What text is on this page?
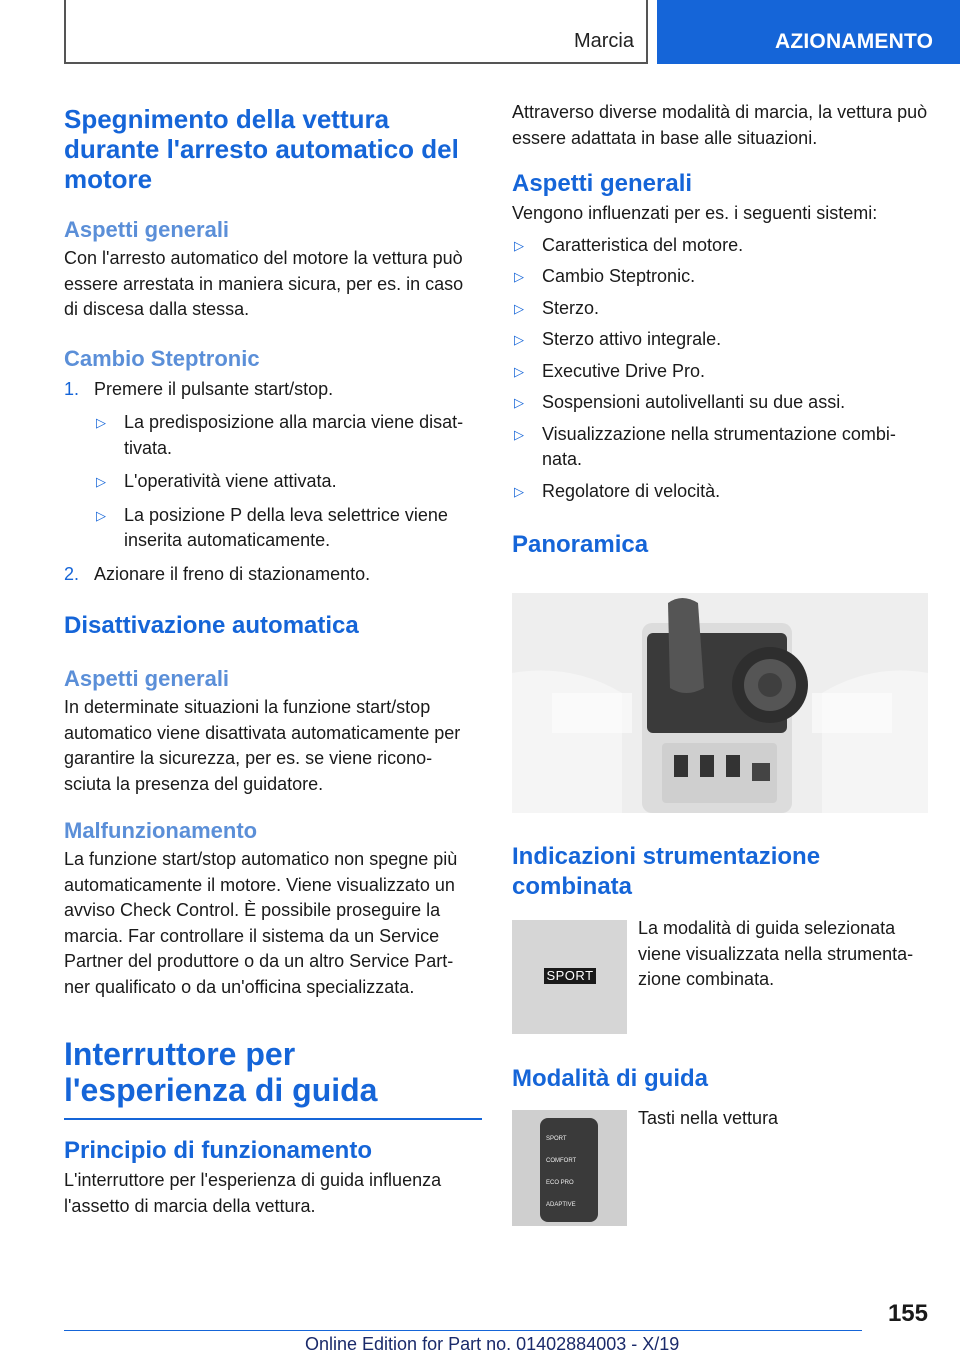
Marcia	AZIONAMENTO
Spegnimento della vettura durante l'arresto automatico del motore
Aspetti generali

Con l'arresto automatico del motore la vettura può essere arrestata in maniera sicura, per es. in caso di discesa dalla stessa.

Cambio Steptronic
1. Premere il pulsante start/stop.
▷ La predisposizione alla marcia viene disat‐ tivata.
▷ L'operatività viene attivata.
▷ La posizione P della leva selettrice viene inserita automaticamente.
2. Azionare il freno di stazionamento.
Disattivazione automatica
Aspetti generali

In determinate situazioni la funzione start/stop automatico viene disattivata automaticamente per garantire la sicurezza, per es. se viene ricono‐ sciuta la presenza del guidatore.

Malfunzionamento

La funzione start/stop automatico non spegne più automaticamente il motore. Viene visualizzato un avviso Check Control. È possibile proseguire la marcia. Far controllare il sistema da un Service Partner del produttore o da un altro Service Part‐ ner qualificato o da un'officina specializzata.

Interruttore per l'esperienza di guida
Principio di funzionamento

L'interruttore per l'esperienza di guida influenza l'assetto di marcia della vettura.

Attraverso diverse modalità di marcia, la vettura può essere adattata in base alle situazioni.

Aspetti generali

Vengono influenzati per es. i seguenti sistemi:

▷ Caratteristica del motore.
▷ Cambio Steptronic.
▷ Sterzo.
▷ Sterzo attivo integrale.
▷ Executive Drive Pro.
▷ Sospensioni autolivellanti su due assi.
▷ Visualizzazione nella strumentazione combi‐ nata.
▷ Regolatore di velocità.
Panoramica
Indicazioni strumentazione combinata
SPORT

La modalità di guida selezionata viene visualizzata nella strumenta‐ zione combinata.

Modalità di guida
SPORT
COMFORT
ECO PRO
ADAPTIVE

Tasti nella vettura

155
Online Edition for Part no. 01402884003 - X/19
